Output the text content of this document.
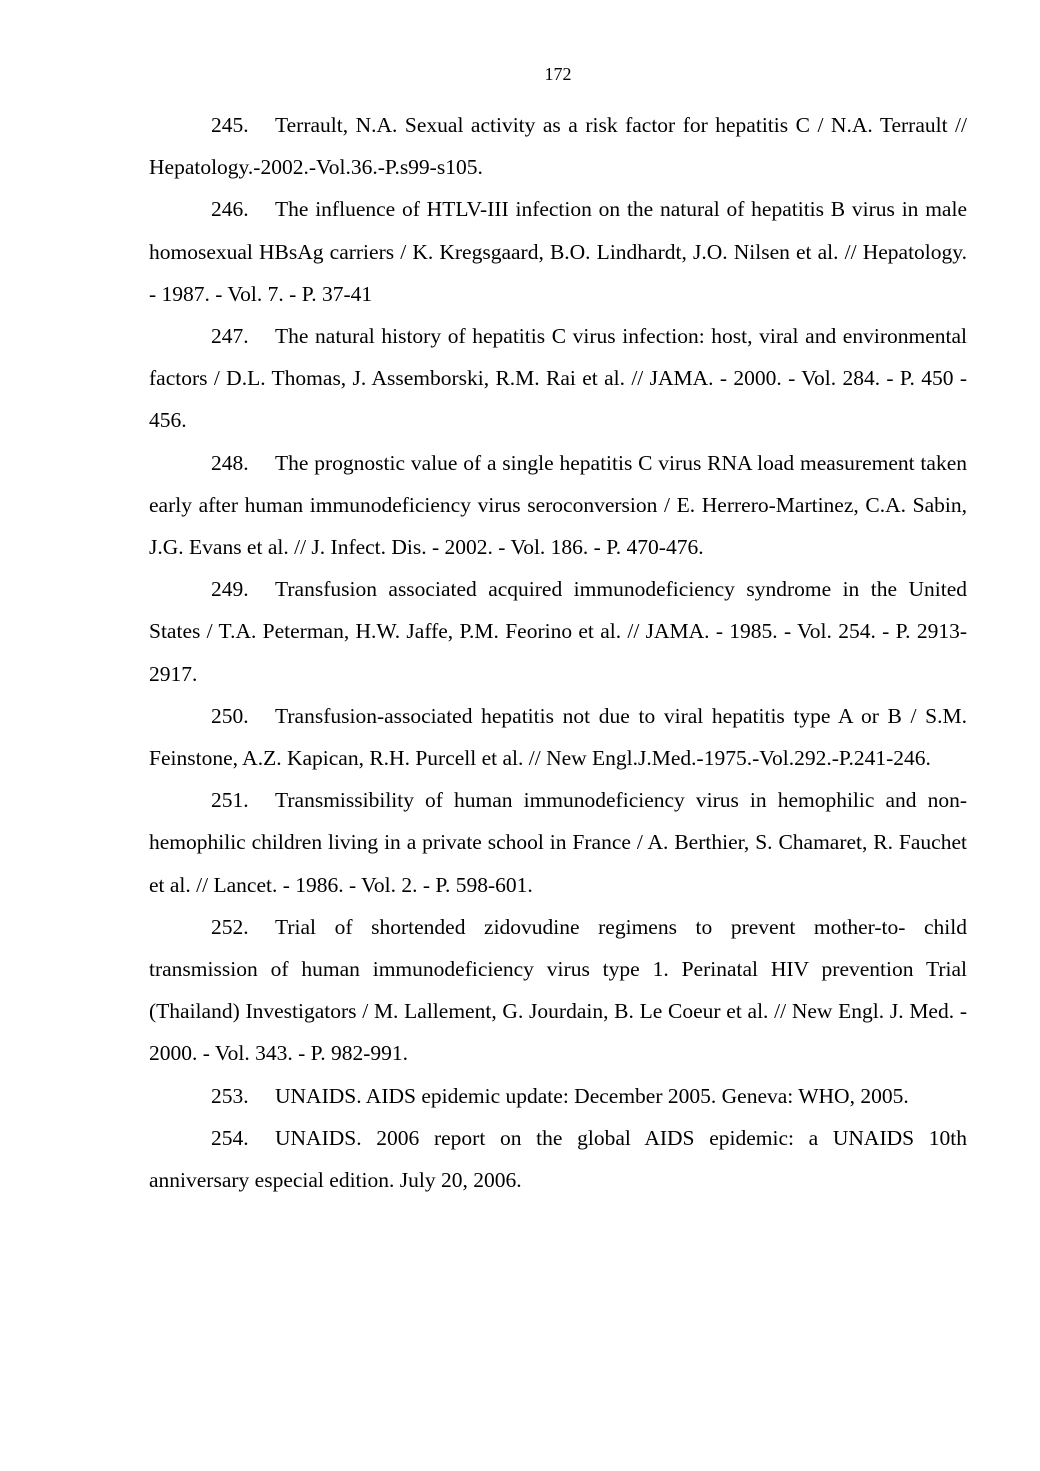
172

245. Terrault, N.A. Sexual activity as a risk factor for hepatitis C / N.A. Terrault // Hepatology.-2002.-Vol.36.-P.s99-s105.

246. The influence of HTLV-III infection on the natural of hepatitis B virus in male homosexual HBsAg carriers / K. Kregsgaard, B.O. Lindhardt, J.O. Nilsen et al. // Hepatology. - 1987. - Vol. 7. - P. 37-41

247. The natural history of hepatitis C virus infection: host, viral and environmental factors / D.L. Thomas, J. Assemborski, R.M. Rai et al. // JAMA. - 2000. - Vol. 284. - P. 450 - 456.

248. The prognostic value of a single hepatitis C virus RNA load measurement taken early after human immunodeficiency virus seroconversion / E. Herrero-Martinez, C.A. Sabin, J.G. Evans et al. // J. Infect. Dis. - 2002. - Vol. 186. - P. 470-476.

249. Transfusion associated acquired immunodeficiency syndrome in the United States / T.A. Peterman, H.W. Jaffe, P.M. Feorino et al. // JAMA. - 1985. - Vol. 254. - P. 2913-2917.

250. Transfusion-associated hepatitis not due to viral hepatitis type A or B / S.M. Feinstone, A.Z. Kapican, R.H. Purcell et al. // New Engl.J.Med.-1975.-Vol.292.-P.241-246.

251. Transmissibility of human immunodeficiency virus in hemophilic and non-hemophilic children living in a private school in France / A. Berthier, S. Chamaret, R. Fauchet et al. // Lancet. - 1986. - Vol. 2. - P. 598-601.

252. Trial of shortended zidovudine regimens to prevent mother-to- child transmission of human immunodeficiency virus type 1. Perinatal HIV prevention Trial (Thailand) Investigators / M. Lallement, G. Jourdain, B. Le Coeur et al. // New Engl. J. Med. - 2000. - Vol. 343. - P. 982-991.

253. UNAIDS. AIDS epidemic update: December 2005. Geneva: WHO, 2005.

254. UNAIDS. 2006 report on the global AIDS epidemic: a UNAIDS 10th anniversary especial edition. July 20, 2006.
